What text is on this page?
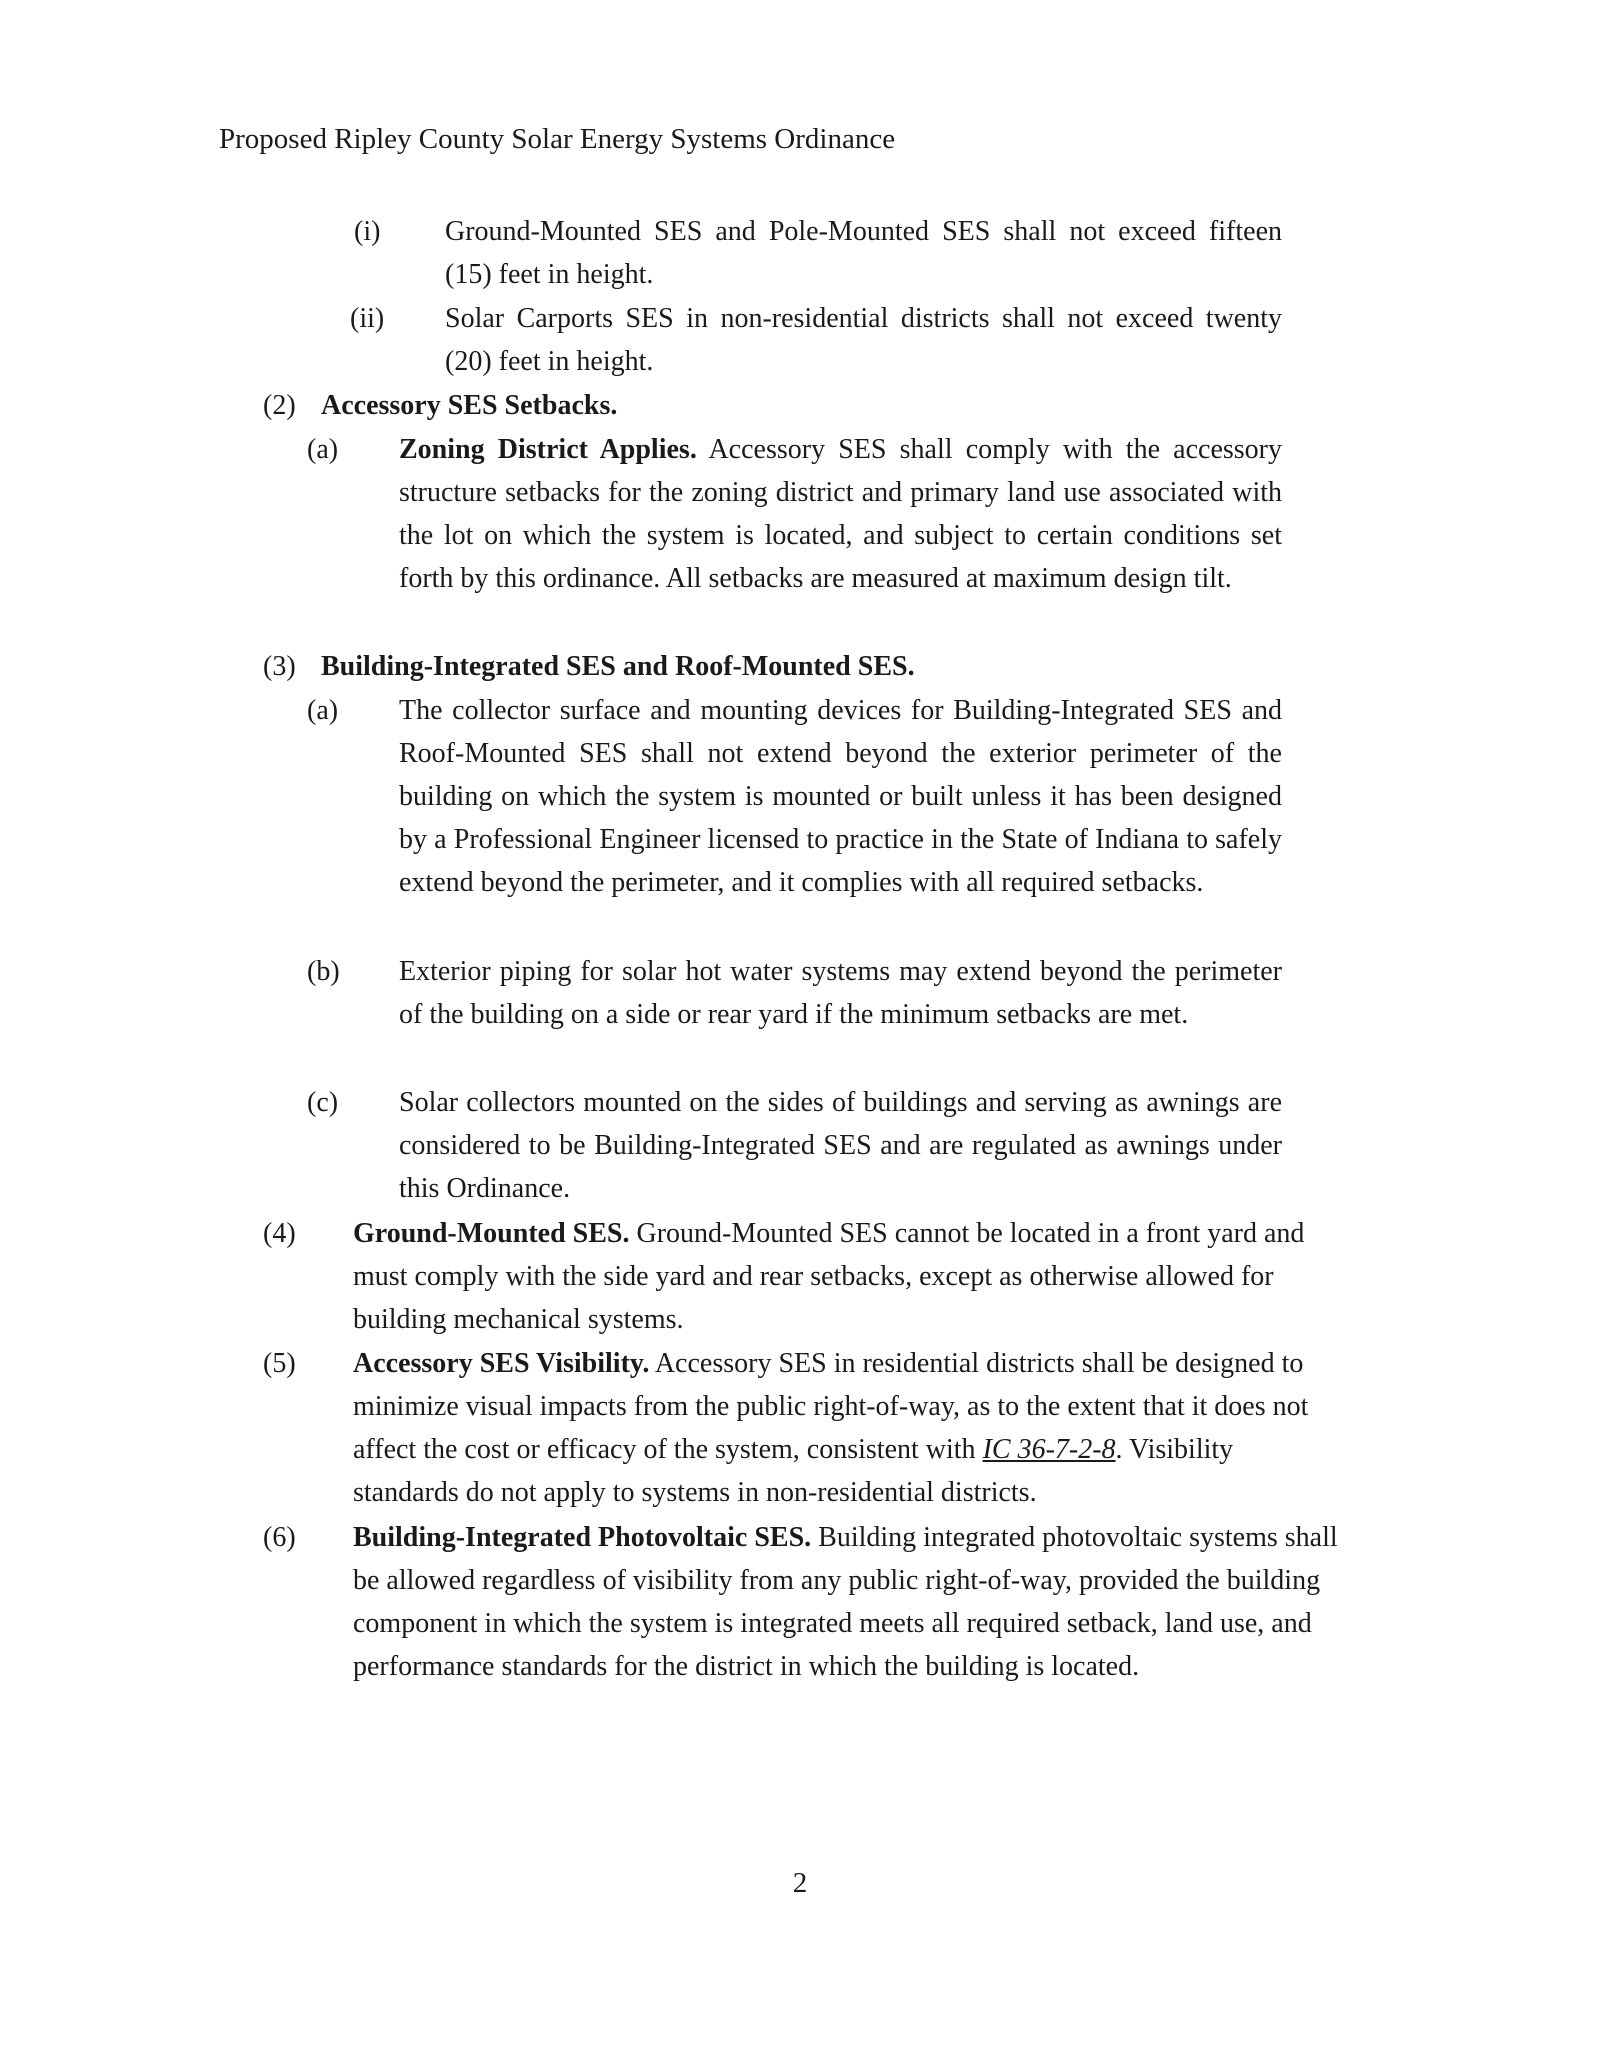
Proposed Ripley County Solar Energy Systems Ordinance
(i) Ground-Mounted SES and Pole-Mounted SES shall not exceed fifteen (15) feet in height.
(ii) Solar Carports SES in non-residential districts shall not exceed twenty (20) feet in height.
(2) Accessory SES Setbacks.
(a) Zoning District Applies. Accessory SES shall comply with the accessory structure setbacks for the zoning district and primary land use associated with the lot on which the system is located, and subject to certain conditions set forth by this ordinance. All setbacks are measured at maximum design tilt.
(3) Building-Integrated SES and Roof-Mounted SES.
(a) The collector surface and mounting devices for Building-Integrated SES and Roof-Mounted SES shall not extend beyond the exterior perimeter of the building on which the system is mounted or built unless it has been designed by a Professional Engineer licensed to practice in the State of Indiana to safely extend beyond the perimeter, and it complies with all required setbacks.
(b) Exterior piping for solar hot water systems may extend beyond the perimeter of the building on a side or rear yard if the minimum setbacks are met.
(c) Solar collectors mounted on the sides of buildings and serving as awnings are considered to be Building-Integrated SES and are regulated as awnings under this Ordinance.
(4) Ground-Mounted SES. Ground-Mounted SES cannot be located in a front yard and must comply with the side yard and rear setbacks, except as otherwise allowed for building mechanical systems.
(5) Accessory SES Visibility. Accessory SES in residential districts shall be designed to minimize visual impacts from the public right-of-way, as to the extent that it does not affect the cost or efficacy of the system, consistent with IC 36-7-2-8. Visibility standards do not apply to systems in non-residential districts.
(6) Building-Integrated Photovoltaic SES. Building integrated photovoltaic systems shall be allowed regardless of visibility from any public right-of-way, provided the building component in which the system is integrated meets all required setback, land use, and performance standards for the district in which the building is located.
2
